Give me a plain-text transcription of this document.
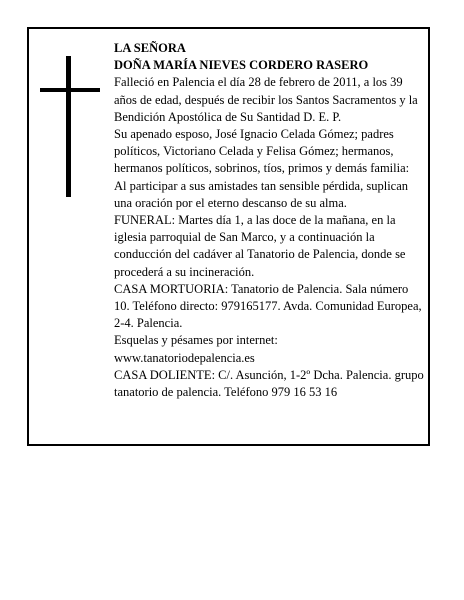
LA SEÑORA

DOÑA MARÍA NIEVES CORDERO RASERO

Falleció en Palencia el día 28 de febrero de 2011, a los 39 años de edad, después de recibir los Santos Sacramentos y la Bendición Apostólica de Su Santidad D. E. P.

Su apenado esposo, José Ignacio Celada Gómez; padres políticos, Victoriano Celada y Felisa Gómez; hermanos, hermanos políticos, sobrinos, tíos, primos y demás familia:

Al participar a sus amistades tan sensible pérdida, suplican una oración por el eterno descanso de su alma.

FUNERAL: Martes día 1, a las doce de la mañana, en la iglesia parroquial de San Marco, y a continuación la conducción del cadáver al Tanatorio de Palencia, donde se procederá a su incineración.

CASA MORTUORIA: Tanatorio de Palencia. Sala número 10. Teléfono directo: 979165177. Avda. Comunidad Europea, 2-4. Palencia.

Esquelas y pésames por internet:

www.tanatoriodepalencia.es

CASA DOLIENTE: C/. Asunción, 1-2º Dcha. Palencia. grupo tanatorio de palencia. Teléfono 979 16 53 16
